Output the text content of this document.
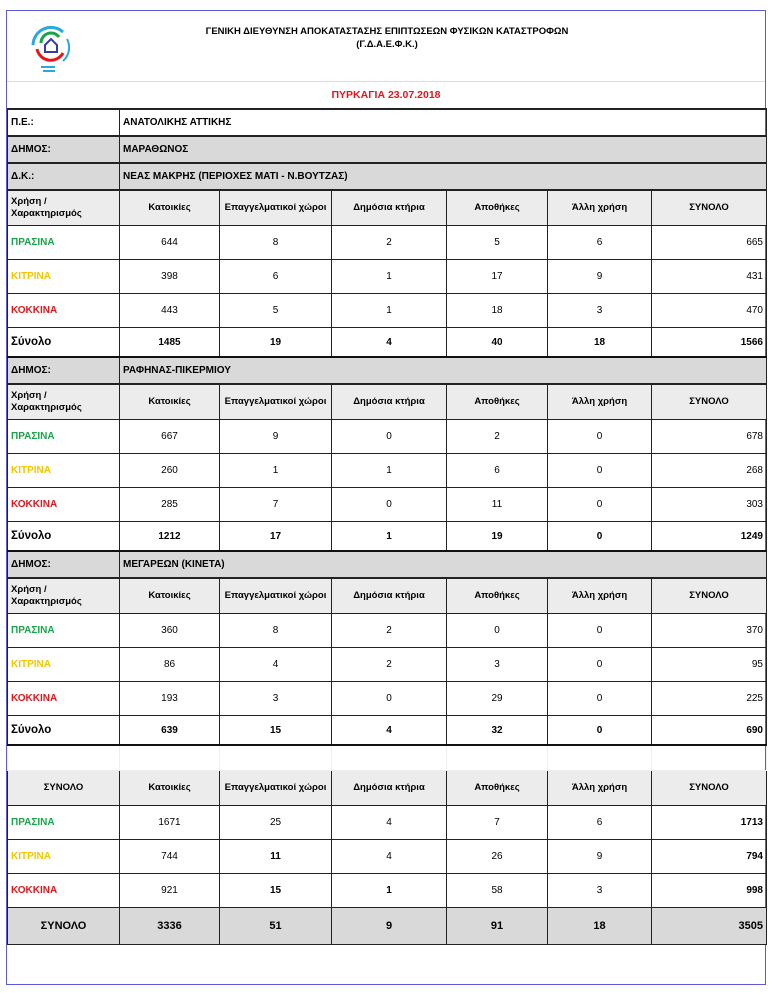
ΓΕΝΙΚΗ ΔΙΕΥΘΥΝΣΗ ΑΠΟΚΑΤΑΣΤΑΣΗΣ ΕΠΙΠΤΩΣΕΩΝ ΦΥΣΙΚΩΝ ΚΑΤΑΣΤΡΟΦΩΝ
(Γ.Δ.Α.Ε.Φ.Κ.)
ΠΥΡΚΑΓΙΑ 23.07.2018
Π.Ε.:	ΑΝΑΤΟΛΙΚΗΣ ΑΤΤΙΚΗΣ					
ΔΗΜΟΣ:	ΜΑΡΑΘΩΝΟΣ					
Δ.Κ.:	ΝΕΑΣ ΜΑΚΡΗΣ (ΠΕΡΙΟΧΕΣ ΜΑΤΙ - Ν.ΒΟΥΤΖΑΣ)					
Χρήση / Χαρακτηρισμός	Κατοικίες	Επαγγελματικοί χώροι	Δημόσια κτήρια	Αποθήκες	Άλλη χρήση	ΣΥΝΟΛΟ
ΠΡΑΣΙΝΑ	644	8	2	5	6	665
ΚΙΤΡΙΝΑ	398	6	1	17	9	431
ΚΟΚΚΙΝΑ	443	5	1	18	3	470
Σύνολο	1485	19	4	40	18	1566
ΔΗΜΟΣ:	ΡΑΦΗΝΑΣ-ΠΙΚΕΡΜΙΟΥ					
Χρήση / Χαρακτηρισμός	Κατοικίες	Επαγγελματικοί χώροι	Δημόσια κτήρια	Αποθήκες	Άλλη χρήση	ΣΥΝΟΛΟ
ΠΡΑΣΙΝΑ	667	9	0	2	0	678
ΚΙΤΡΙΝΑ	260	1	1	6	0	268
ΚΟΚΚΙΝΑ	285	7	0	11	0	303
Σύνολο	1212	17	1	19	0	1249
ΔΗΜΟΣ:	ΜΕΓΑΡΕΩΝ (ΚΙΝΕΤΑ)					
Χρήση / Χαρακτηρισμός	Κατοικίες	Επαγγελματικοί χώροι	Δημόσια κτήρια	Αποθήκες	Άλλη χρήση	ΣΥΝΟΛΟ
ΠΡΑΣΙΝΑ	360	8	2	0	0	370
ΚΙΤΡΙΝΑ	86	4	2	3	0	95
ΚΟΚΚΙΝΑ	193	3	0	29	0	225
Σύνολο	639	15	4	32	0	690

ΣΥΝΟΛΟ	Κατοικίες	Επαγγελματικοί χώροι	Δημόσια κτήρια	Αποθήκες	Άλλη χρήση	ΣΥΝΟΛΟ
ΠΡΑΣΙΝΑ	1671	25	4	7	6	1713
ΚΙΤΡΙΝΑ	744	11	4	26	9	794
ΚΟΚΚΙΝΑ	921	15	1	58	3	998
ΣΥΝΟΛΟ	3336	51	9	91	18	3505
